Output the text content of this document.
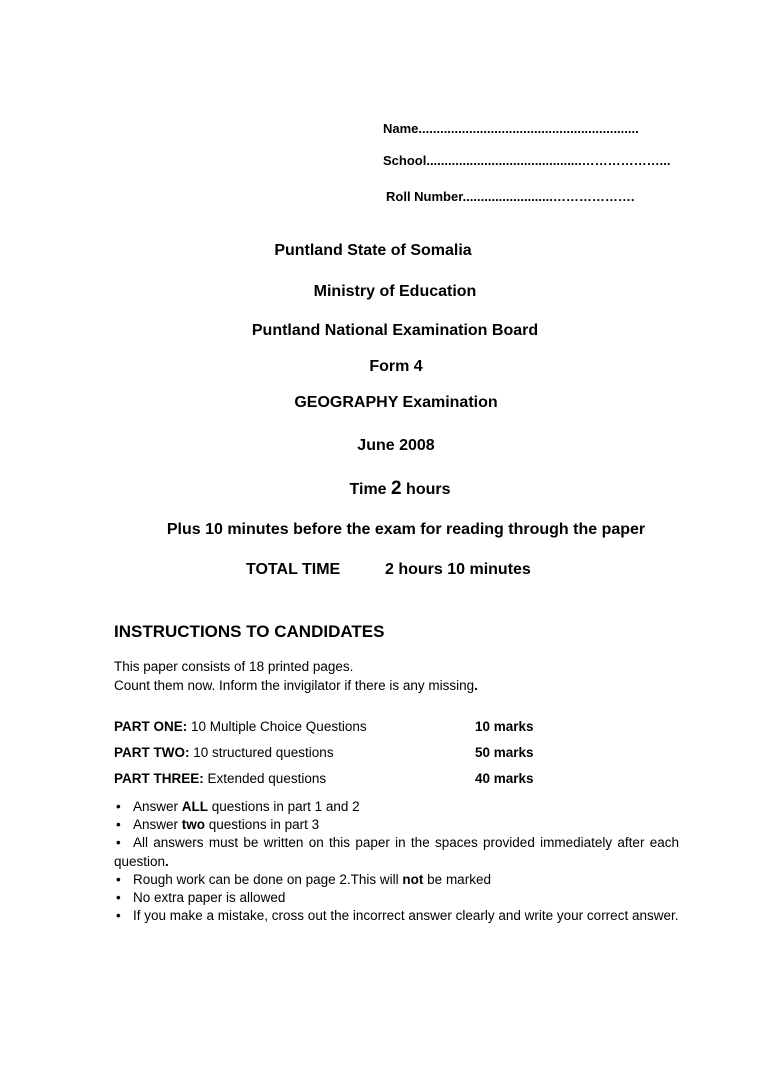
Name.............................................................
School...........................................………………...
Roll Number.........................……………….
Puntland State of Somalia
Ministry of Education
Puntland National Examination Board
Form 4
GEOGRAPHY Examination
June 2008
Time 2 hours
Plus 10 minutes before the exam for reading through the paper
TOTAL TIME	2 hours 10 minutes
INSTRUCTIONS TO CANDIDATES
This paper consists of 18 printed pages.
Count them now. Inform the invigilator if there is any missing.
PART ONE: 10 Multiple Choice Questions	10 marks
PART TWO: 10 structured questions	50 marks
PART THREE: Extended questions	40 marks
• Answer ALL questions in part 1 and 2
• Answer two questions in part 3
• All answers must be written on this paper in the spaces provided immediately after each question.
• Rough work can be done on page 2.This will not be marked
• No extra paper is allowed
• If you make a mistake, cross out the incorrect answer clearly and write your correct answer.
